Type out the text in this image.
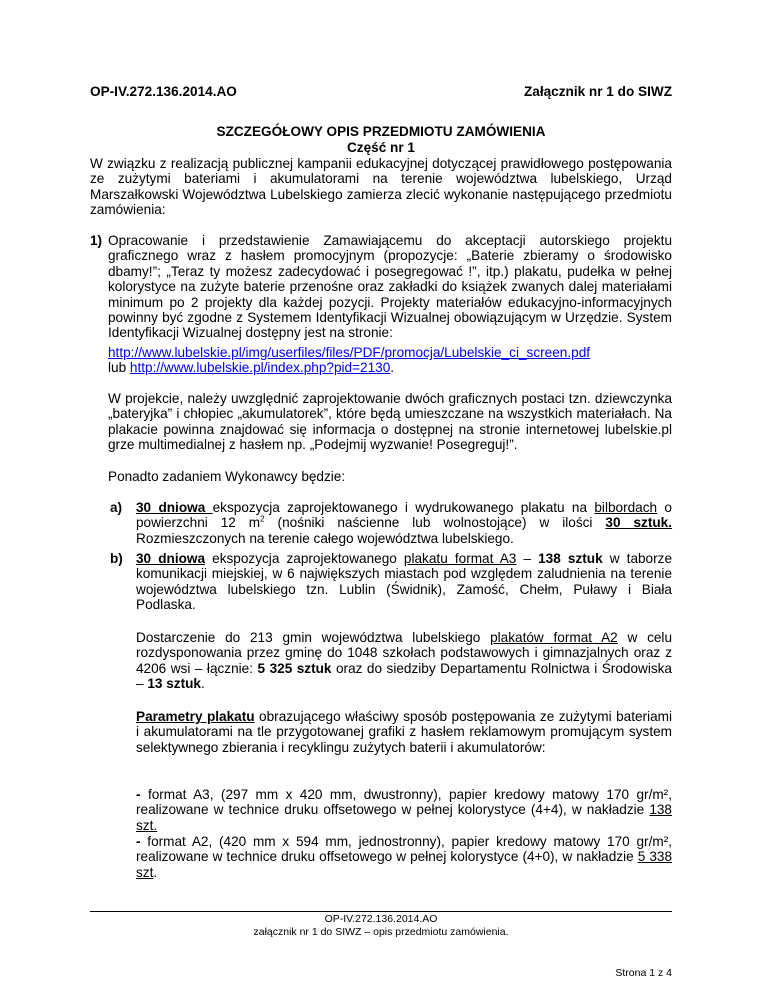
OP-IV.272.136.2014.AO	Załącznik nr 1 do SIWZ
SZCZEGÓŁOWY OPIS PRZEDMIOTU ZAMÓWIENIA
Część nr 1

W związku z realizacją publicznej kampanii edukacyjnej dotyczącej prawidłowego postępowania ze zużytymi bateriami i akumulatorami na terenie województwa lubelskiego, Urząd Marszałkowski Województwa Lubelskiego zamierza zlecić wykonanie następującego przedmiotu zamówienia:

1) Opracowanie i przedstawienie Zamawiającemu do akceptacji autorskiego projektu graficznego wraz z hasłem promocyjnym (propozycje: „Baterie zbieramy o środowisko dbamy!”; „Teraz ty możesz zadecydować i posegregować !”, itp.) plakatu, pudełka w pełnej kolorystyce na zużyte baterie przenośne oraz zakładki do książek zwanych dalej materiałami minimum po 2 projekty dla każdej pozycji. Projekty materiałów edukacyjno-informacyjnych powinny być zgodne z Systemem Identyfikacji Wizualnej obowiązującym w Urzędzie. System Identyfikacji Wizualnej dostępny jest na stronie:

http://www.lubelskie.pl/img/userfiles/files/PDF/promocja/Lubelskie_ci_screen.pdf
lub http://www.lubelskie.pl/index.php?pid=2130.

W projekcie, należy uwzględnić zaprojektowanie dwóch graficznych postaci tzn. dziewczynka „bateryjka” i chłopiec „akumulatorek”, które będą umieszczane na wszystkich materiałach. Na plakacie powinna znajdować się informacja o dostępnej na stronie internetowej lubelskie.pl grze multimedialnej z hasłem np. „Podejmij wyzwanie! Posegreguj!”.

Ponadto zadaniem Wykonawcy będzie:

a) 30 dniowa ekspozycja zaprojektowanego i wydrukowanego plakatu na bilbordach o powierzchni 12 $m^2$ (nośniki naścienne lub wolnostojące) w ilości 30 sztuk. Rozmieszczonych na terenie całego województwa lubelskiego.

b) 30 dniowa ekspozycja zaprojektowanego plakatu format A3 – 138 sztuk w taborze komunikacji miejskiej, w 6 największych miastach pod względem zaludnienia na terenie województwa lubelskiego tzn. Lublin (Świdnik), Zamość, Chełm, Puławy i Biała Podlaska.

Dostarczenie do 213 gmin województwa lubelskiego plakatów format A2 w celu rozdysponowania przez gminę do 1048 szkołach podstawowych i gimnazjalnych oraz z 4206 wsi – łącznie: 5 325 sztuk oraz do siedziby Departamentu Rolnictwa i Środowiska – 13 sztuk.

Parametry plakatu obrazującego właściwy sposób postępowania ze zużytymi bateriami i akumulatorami na tle przygotowanej grafiki z hasłem reklamowym promującym system selektywnego zbierania i recyklingu zużytych baterii i akumulatorów:

- format A3, (297 mm x 420 mm, dwustronny), papier kredowy matowy 170 gr/m², realizowane w technice druku offsetowego w pełnej kolorystyce (4+4), w nakładzie 138 szt.

- format A2, (420 mm x 594 mm, jednostronny), papier kredowy matowy 170 gr/m², realizowane w technice druku offsetowego w pełnej kolorystyce (4+0), w nakładzie 5 338 szt.

OP-IV.272.136.2014.AO
załącznik nr 1 do SIWZ – opis przedmiotu zamówienia.
Strona 1 z 4
